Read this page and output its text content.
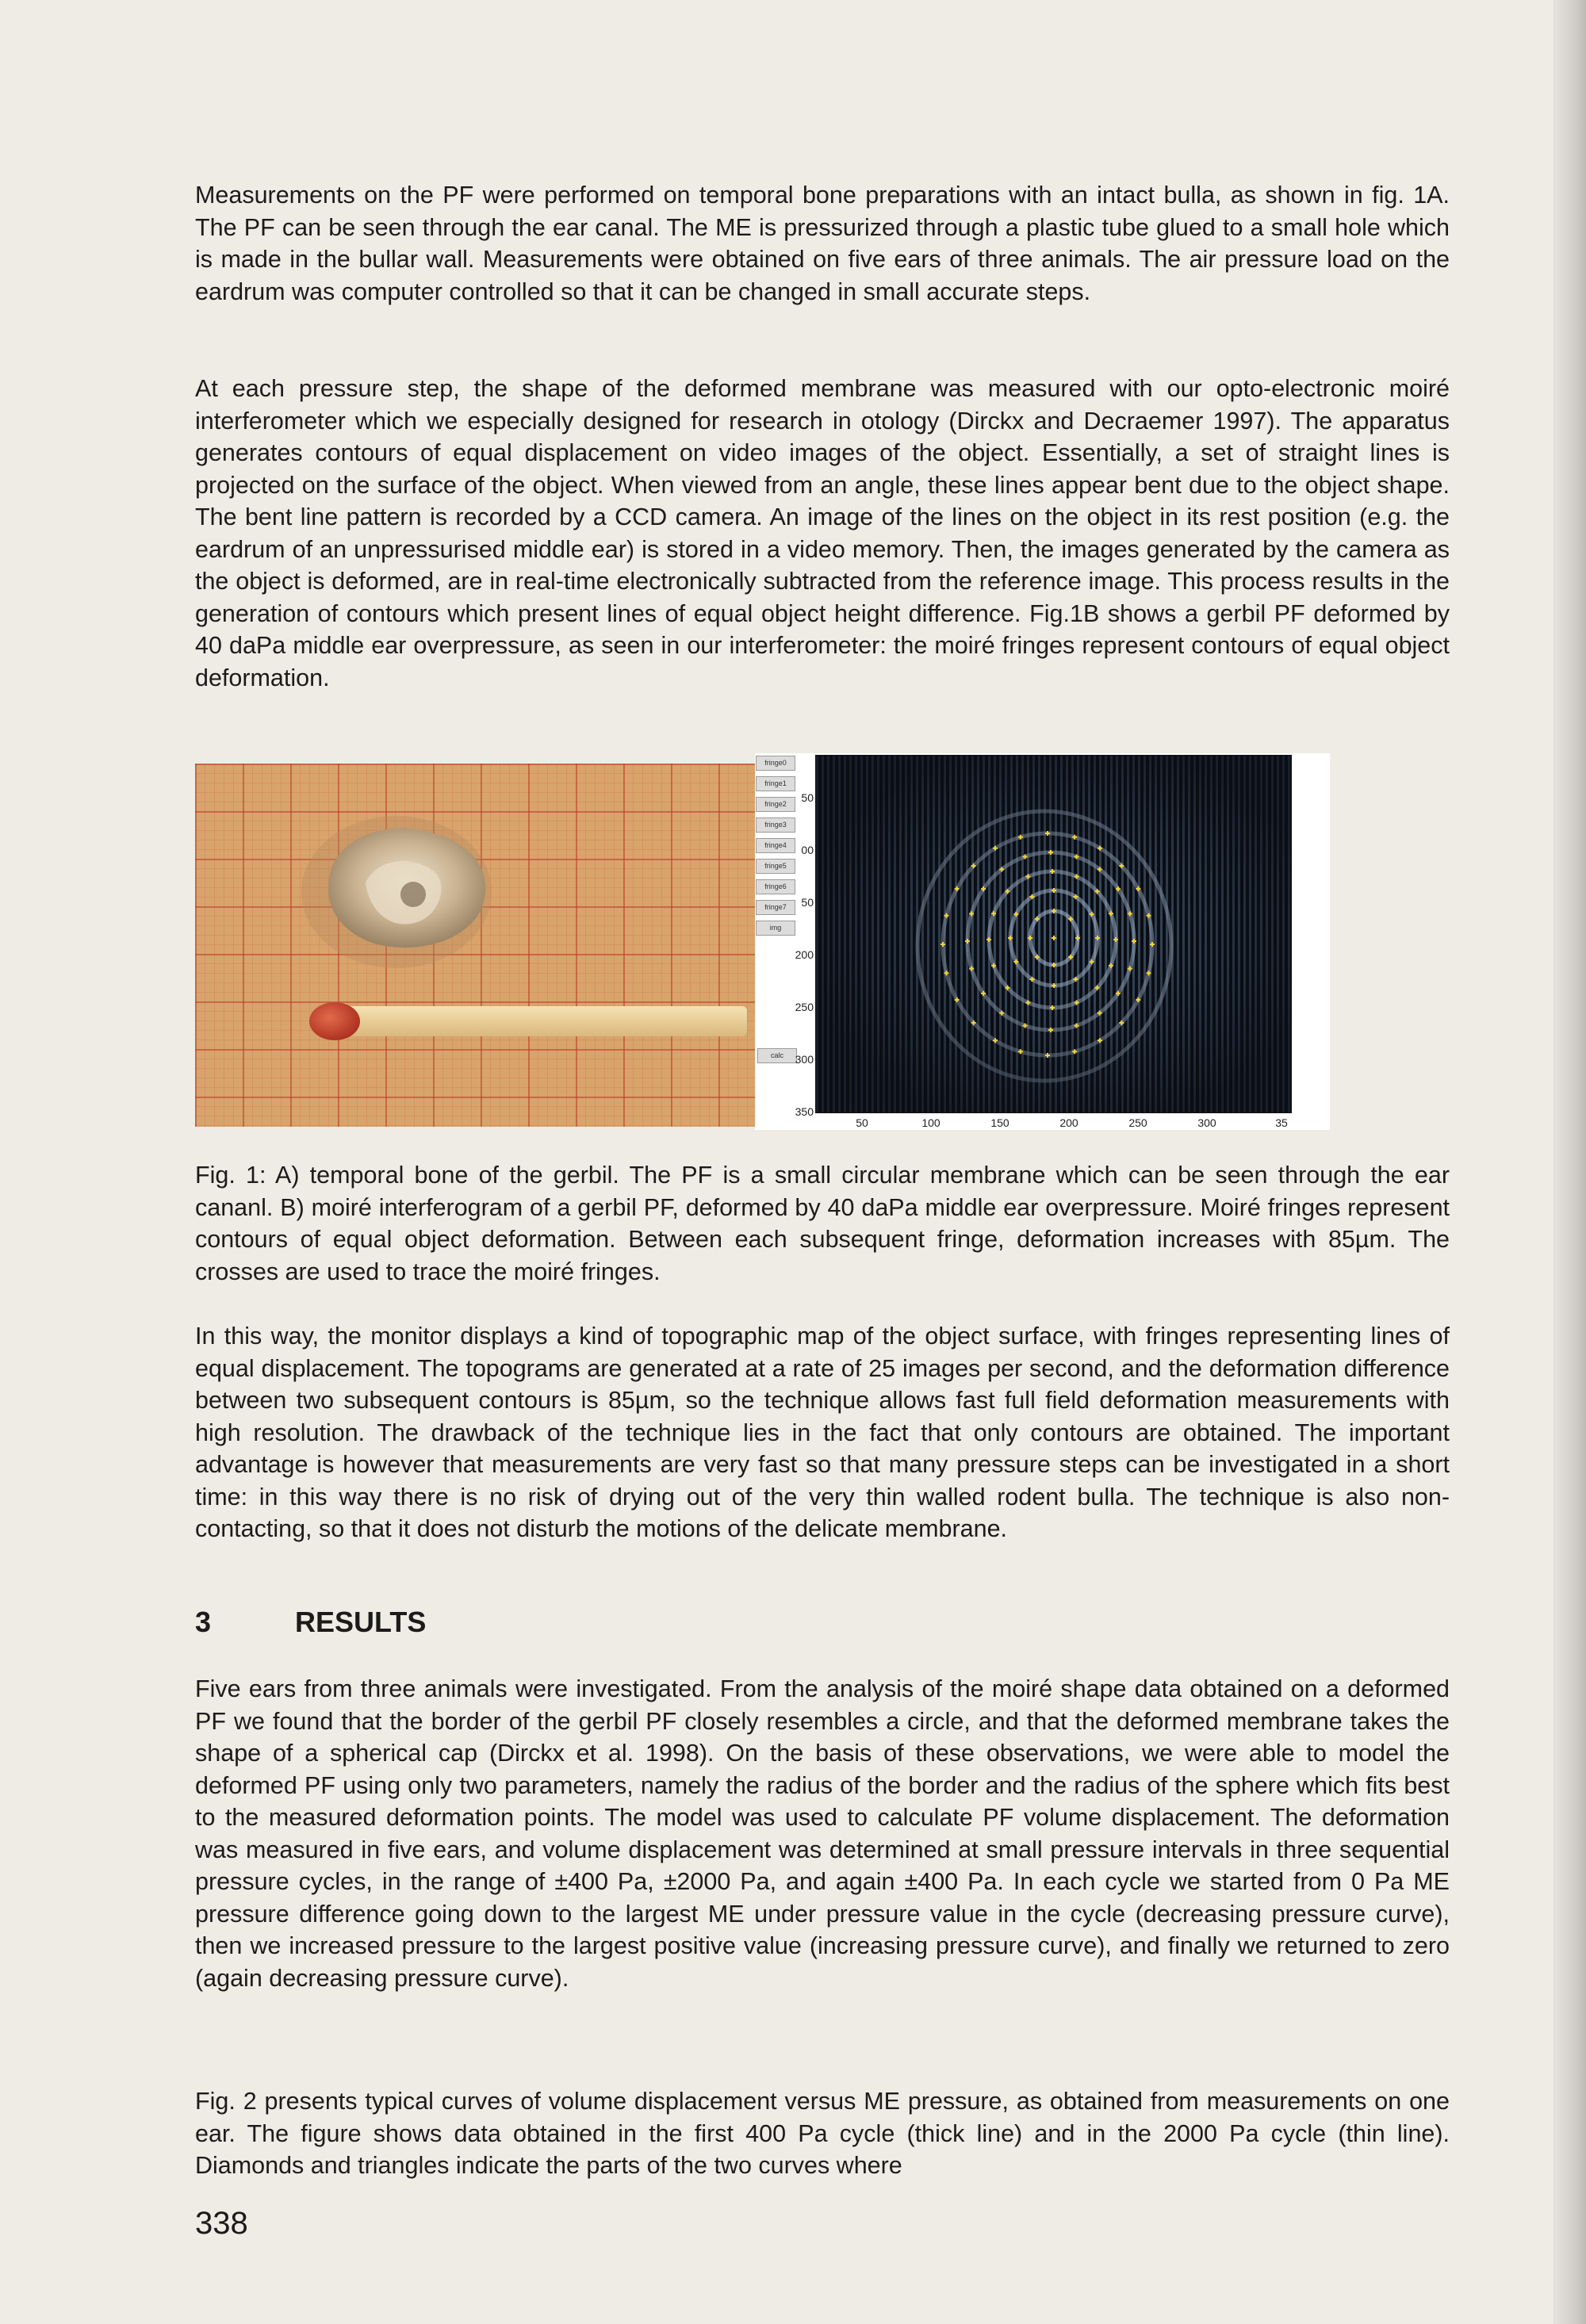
Measurements on the PF were performed on temporal bone preparations with an intact bulla, as shown in fig. 1A. The PF can be seen through the ear canal. The ME is pressurized through a plastic tube glued to a small hole which is made in the bullar wall. Measurements were obtained on five ears of three animals. The air pressure load on the eardrum was computer controlled so that it can be changed in small accurate steps.

At each pressure step, the shape of the deformed membrane was measured with our opto-electronic moiré interferometer which we especially designed for research in otology (Dirckx and Decraemer 1997). The apparatus generates contours of equal displacement on video images of the object. Essentially, a set of straight lines is projected on the surface of the object. When viewed from an angle, these lines appear bent due to the object shape. The bent line pattern is recorded by a CCD camera. An image of the lines on the object in its rest position (e.g. the eardrum of an unpressurised middle ear) is stored in a video memory. Then, the images generated by the camera as the object is deformed, are in real-time electronically subtracted from the reference image. This process results in the generation of contours which present lines of equal object height difference. Fig.1B shows a gerbil PF deformed by 40 daPa middle ear overpressure, as seen in our interferometer: the moiré fringes represent contours of equal object deformation.

fringe0
fringe1
fringe2
fringe3
fringe4
fringe5
fringe6
fringe7
img
calc
50
00
50
200
250
300
350
50	100	150	200	250	300	35

Fig. 1: A) temporal bone of the gerbil. The PF is a small circular membrane which can be seen through the ear cananl. B) moiré interferogram of a gerbil PF, deformed by 40 daPa middle ear overpressure. Moiré fringes represent contours of equal object deformation. Between each subsequent fringe, deformation increases with 85µm. The crosses are used to trace the moiré fringes.

In this way, the monitor displays a kind of topographic map of the object surface, with fringes representing lines of equal displacement. The topograms are generated at a rate of 25 images per second, and the deformation difference between two subsequent contours is 85µm, so the technique allows fast full field deformation measurements with high resolution. The drawback of the technique lies in the fact that only contours are obtained. The important advantage is however that measurements are very fast so that many pressure steps can be investigated in a short time: in this way there is no risk of drying out of the very thin walled rodent bulla. The technique is also non-contacting, so that it does not disturb the motions of the delicate membrane.

3	RESULTS

Five ears from three animals were investigated. From the analysis of the moiré shape data obtained on a deformed PF we found that the border of the gerbil PF closely resembles a circle, and that the deformed membrane takes the shape of a spherical cap (Dirckx et al. 1998). On the basis of these observations, we were able to model the deformed PF using only two parameters, namely the radius of the border and the radius of the sphere which fits best to the measured deformation points. The model was used to calculate PF volume displacement. The deformation was measured in five ears, and volume displacement was determined at small pressure intervals in three sequential pressure cycles, in the range of ±400 Pa, ±2000 Pa, and again ±400 Pa. In each cycle we started from 0 Pa ME pressure difference going down to the largest ME under pressure value in the cycle (decreasing pressure curve), then we increased pressure to the largest positive value (increasing pressure curve), and finally we returned to zero (again decreasing pressure curve).

Fig. 2 presents typical curves of volume displacement versus ME pressure, as obtained from measurements on one ear. The figure shows data obtained in the first 400 Pa cycle (thick line) and in the 2000 Pa cycle (thin line). Diamonds and triangles indicate the parts of the two curves where

338
